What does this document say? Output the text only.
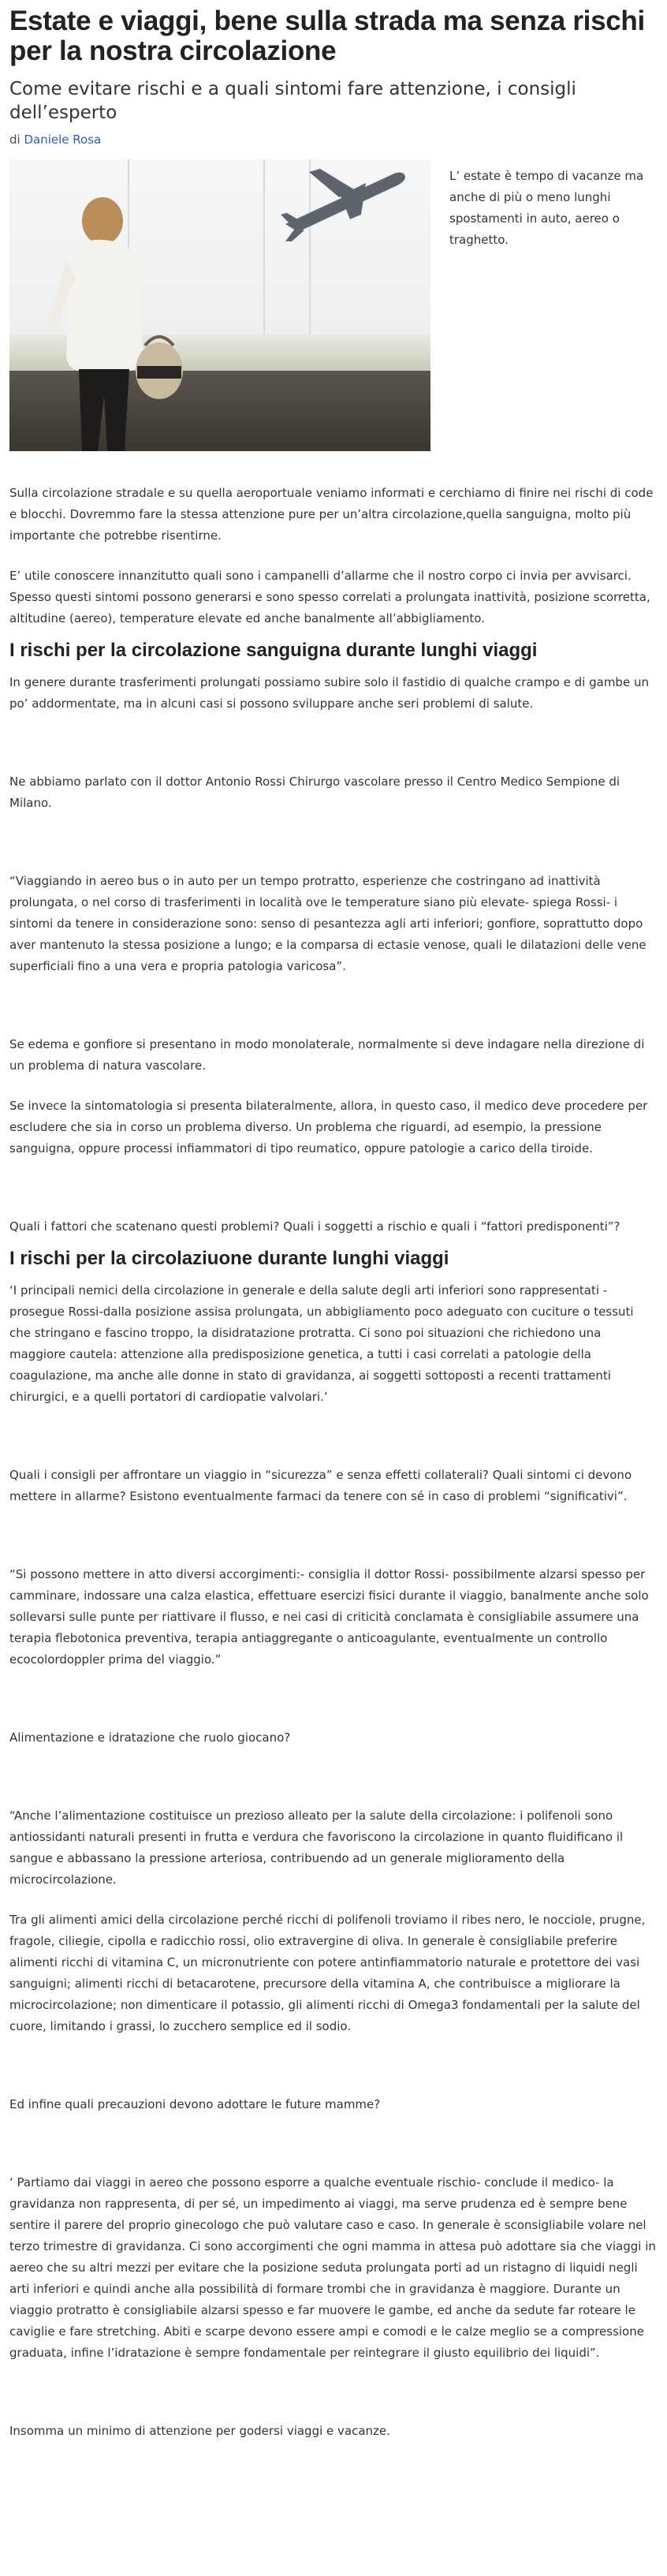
Estate e viaggi, bene sulla strada ma senza rischi per la nostra circolazione
Come evitare rischi e a quali sintomi fare attenzione, i consigli dell’esperto
di Daniele Rosa
L’ estate è tempo di vacanze ma anche di più o meno lunghi spostamenti in auto, aereo o traghetto.

Sulla circolazione stradale e su quella aeroportuale veniamo informati e cerchiamo di finire nei rischi di code e blocchi. Dovremmo fare la stessa attenzione pure per un’altra circolazione,quella sanguigna, molto più importante che potrebbe risentirne.

E’ utile conoscere innanzitutto quali sono i campanelli d’allarme che il nostro corpo ci invia per avvisarci. Spesso questi sintomi possono generarsi e sono spesso correlati a prolungata inattività, posizione scorretta, altitudine (aereo), temperature elevate ed anche banalmente all’abbigliamento.

I rischi per la circolazione sanguigna durante lunghi viaggi

In genere durante trasferimenti prolungati possiamo subire solo il fastidio di qualche crampo e di gambe un po’ addormentate, ma in alcuni casi si possono sviluppare anche seri problemi di salute.

Ne abbiamo parlato con il dottor Antonio Rossi Chirurgo vascolare presso il Centro Medico Sempione di Milano.

“Viaggiando in aereo bus o in auto per un tempo protratto, esperienze che costringano ad inattività prolungata, o nel corso di trasferimenti in località ove le temperature siano più elevate- spiega Rossi- i sintomi da tenere in considerazione sono: senso di pesantezza agli arti inferiori; gonfiore, soprattutto dopo aver mantenuto la stessa posizione a lungo; e la comparsa di ectasie venose, quali le dilatazioni delle vene superficiali fino a una vera e propria patologia varicosa”.

Se edema e gonfiore si presentano in modo monolaterale, normalmente si deve indagare nella direzione di un problema di natura vascolare.

Se invece la sintomatologia si presenta bilateralmente, allora, in questo caso, il medico deve procedere per escludere che sia in corso un problema diverso. Un problema che riguardi, ad esempio, la pressione sanguigna, oppure processi infiammatori di tipo reumatico, oppure patologie a carico della tiroide.

Quali i fattori che scatenano questi problemi? Quali i soggetti a rischio e quali i “fattori predisponenti”?

I rischi per la circolaziuone durante lunghi viaggi

‘I principali nemici della circolazione in generale e della salute degli arti inferiori sono rappresentati - prosegue Rossi-dalla posizione assisa prolungata, un abbigliamento poco adeguato con cuciture o tessuti che stringano e fascino troppo, la disidratazione protratta. Ci sono poi situazioni che richiedono una maggiore cautela: attenzione alla predisposizione genetica, a tutti i casi correlati a patologie della coagulazione, ma anche alle donne in stato di gravidanza, ai soggetti sottoposti a recenti trattamenti chirurgici, e a quelli portatori di cardiopatie valvolari.’

Quali i consigli per affrontare un viaggio in “sicurezza” e senza effetti collaterali? Quali sintomi ci devono mettere in allarme? Esistono eventualmente farmaci da tenere con sé in caso di problemi “significativi”.

“Si possono mettere in atto diversi accorgimenti:- consiglia il dottor Rossi- possibilmente alzarsi spesso per camminare, indossare una calza elastica, effettuare esercizi fisici durante il viaggio, banalmente anche solo sollevarsi sulle punte per riattivare il flusso, e nei casi di criticità conclamata è consigliabile assumere una terapia flebotonica preventiva, terapia antiaggregante o anticoagulante, eventualmente un controllo ecocolordoppler prima del viaggio.”

Alimentazione e idratazione che ruolo giocano?

“Anche l’alimentazione costituisce un prezioso alleato per la salute della circolazione: i polifenoli sono antiossidanti naturali presenti in frutta e verdura che favoriscono la circolazione in quanto fluidificano il sangue e abbassano la pressione arteriosa, contribuendo ad un generale miglioramento della microcircolazione.

Tra gli alimenti amici della circolazione perché ricchi di polifenoli troviamo il ribes nero, le nocciole, prugne, fragole, ciliegie, cipolla e radicchio rossi, olio extravergine di oliva. In generale è consigliabile preferire alimenti ricchi di vitamina C, un micronutriente con potere antinfiammatorio naturale e protettore dei vasi sanguigni; alimenti ricchi di betacarotene, precursore della vitamina A, che contribuisce a migliorare la microcircolazione; non dimenticare il potassio, gli alimenti ricchi di Omega3 fondamentali per la salute del cuore, limitando i grassi, lo zucchero semplice ed il sodio.

Ed infine quali precauzioni devono adottare le future mamme?

‘ Partiamo dai viaggi in aereo che possono esporre a qualche eventuale rischio- conclude il medico- la gravidanza non rappresenta, di per sé, un impedimento ai viaggi, ma serve prudenza ed è sempre bene sentire il parere del proprio ginecologo che può valutare caso e caso. In generale è sconsigliabile volare nel terzo trimestre di gravidanza. Ci sono accorgimenti che ogni mamma in attesa può adottare sia che viaggi in aereo che su altri mezzi per evitare che la posizione seduta prolungata porti ad un ristagno di liquidi negli arti inferiori e quindi anche alla possibilità di formare trombi che in gravidanza è maggiore. Durante un viaggio protratto è consigliabile alzarsi spesso e far muovere le gambe, ed anche da sedute far roteare le caviglie e fare stretching. Abiti e scarpe devono essere ampi e comodi e le calze meglio se a compressione graduata, infine l’idratazione è sempre fondamentale per reintegrare il giusto equilibrio dei liquidi”.

Insomma un minimo di attenzione per godersi viaggi e vacanze.
